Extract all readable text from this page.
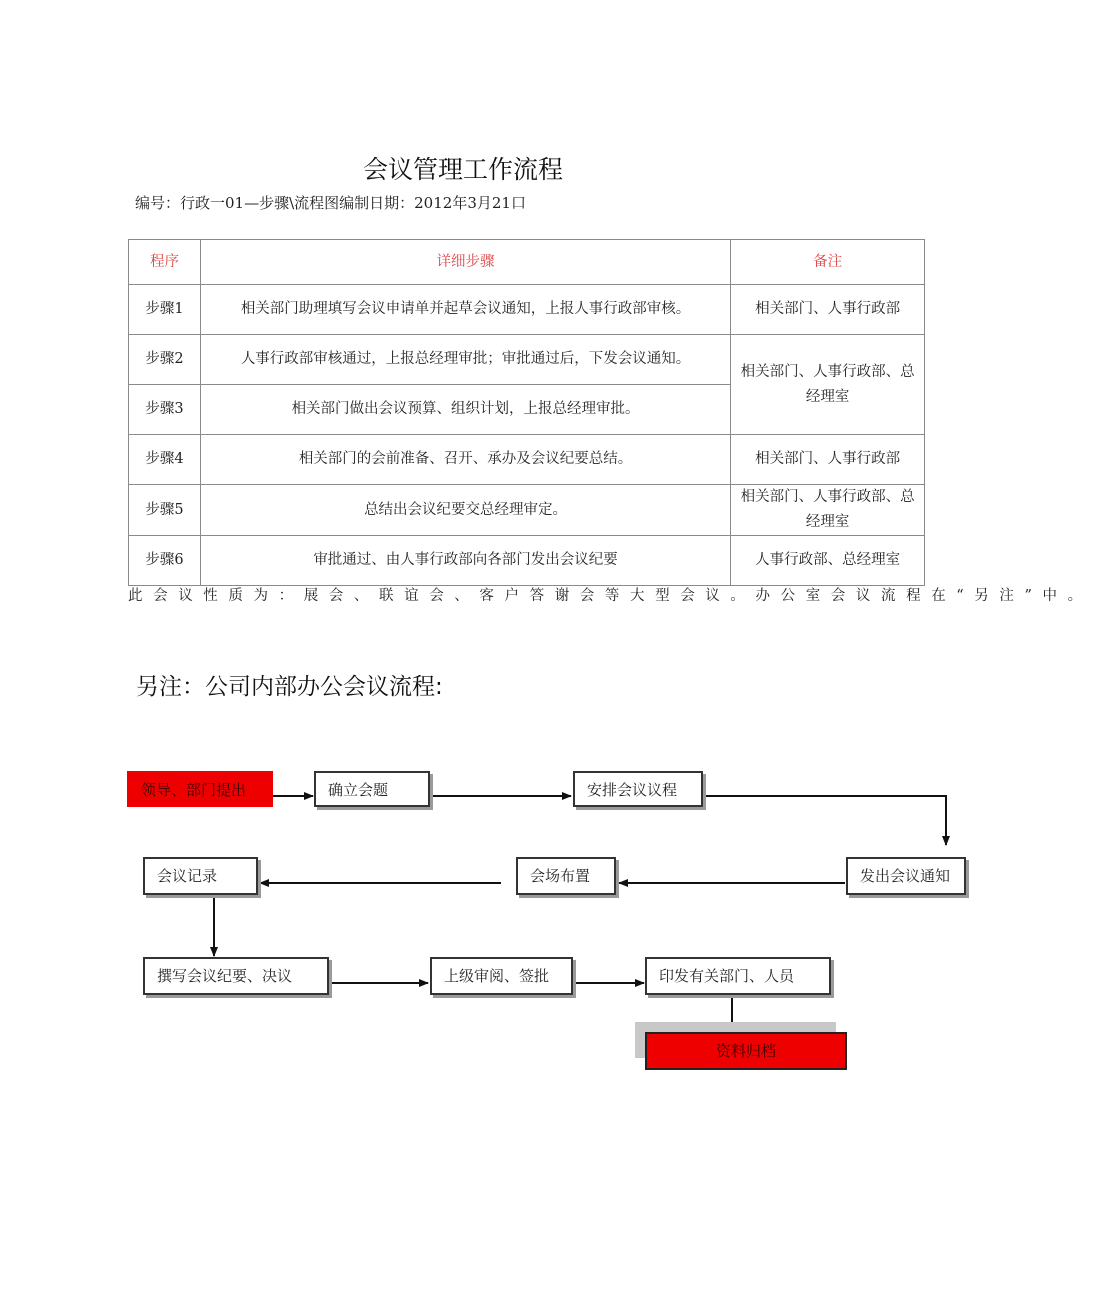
会议管理工作流程
编号：行政一01—步骤\流程图编制日期：2012年3月21口
程序	详细步骤	备注
步骤1	相关部门助理填写会议申请单并起草会议通知，上报人事行政部审核。	相关部门、人事行政部
步骤2	人事行政部审核通过，上报总经理审批；审批通过后，下发会议通知。	相关部门、人事行政部、总经理室
步骤3	相关部门做出会议预算、组织计划，上报总经理审批。	
步骤4	相关部门的会前准备、召开、承办及会议纪要总结。	相关部门、人事行政部
步骤5	总结出会议纪要交总经理审定。	相关部门、人事行政部、总经理室
步骤6	审批通过、由人事行政部向各部门发出会议纪要	人事行政部、总经理室
此会议性质为：展会、联谊会、客户答谢会等大型会议。办公室会议流程在“另注”中。
另注：公司内部办公会议流程:
领导、部门提出	确立会题	安排会议议程
发出会议通知
会场布置
会议记录
撰写会议纪要、决议	上级审阅、签批	印发有关部门、人员
资料归档
